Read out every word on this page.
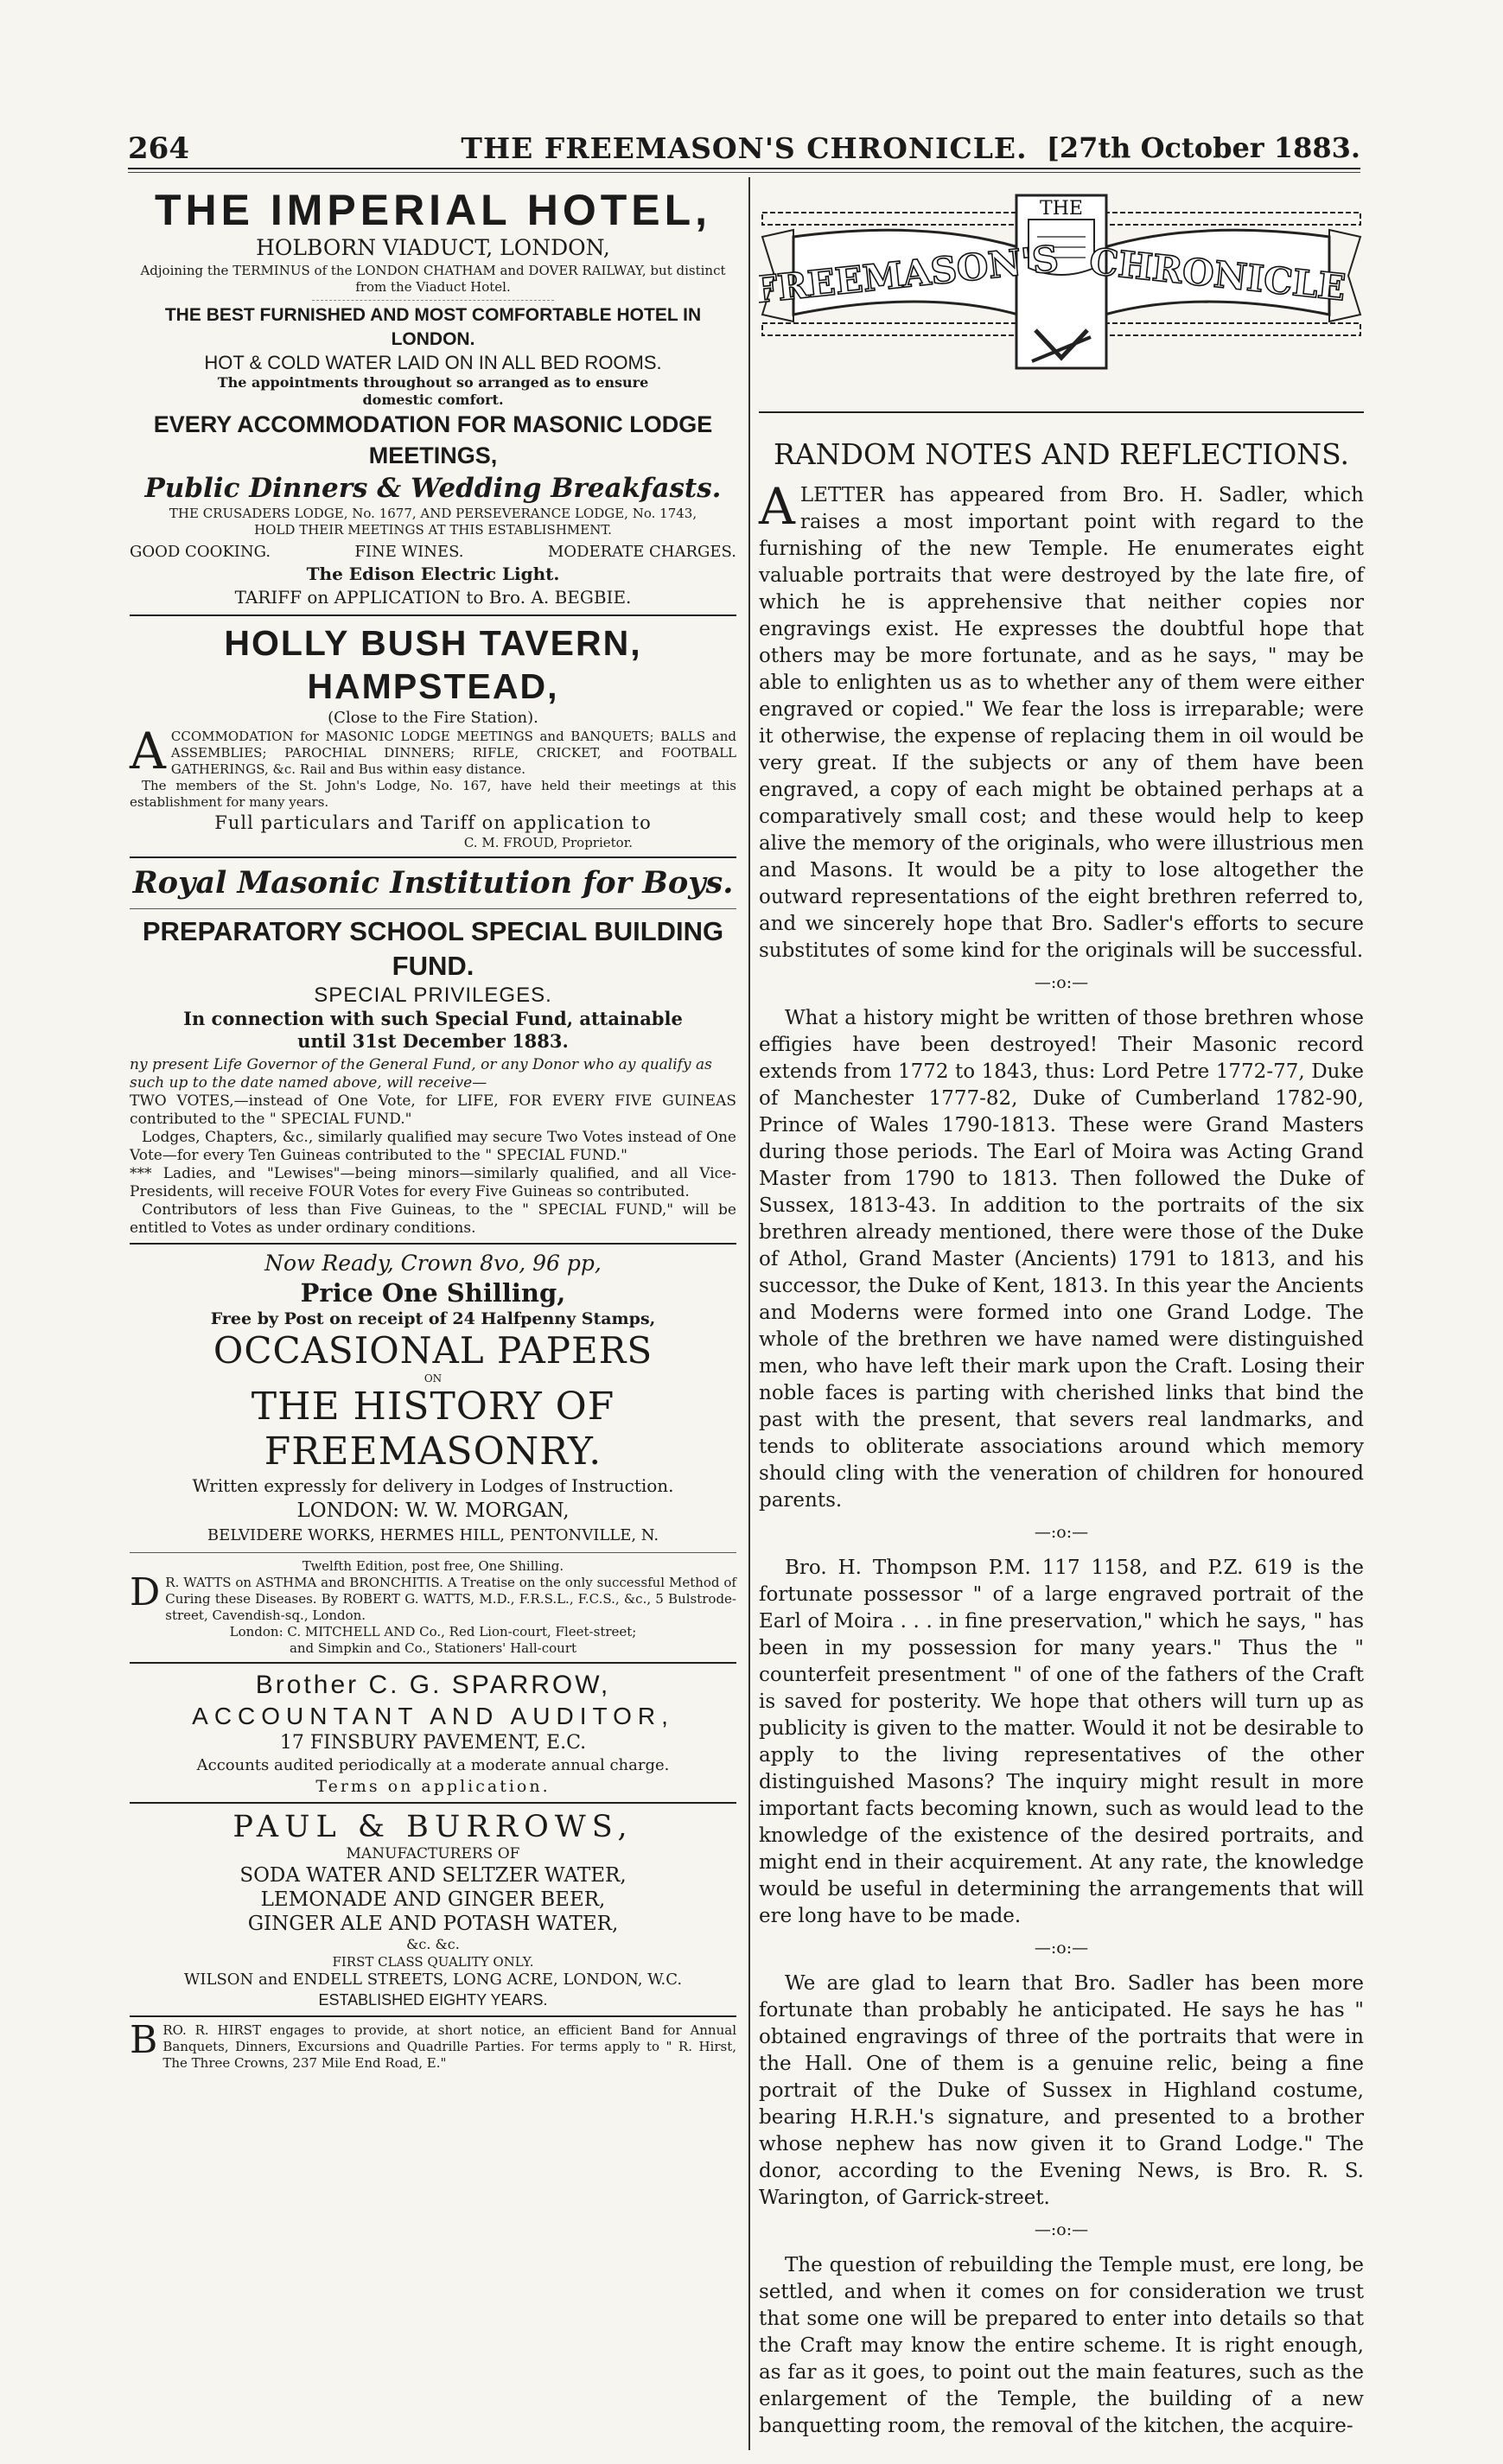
264	THE FREEMASON'S CHRONICLE. [27th October 1883.
THE IMPERIAL HOTEL,
HOLBORN VIADUCT, LONDON,
Adjoining the TERMINUS of the LONDON CHATHAM and DOVER RAILWAY, but distinct from the Viaduct Hotel.
THE BEST FURNISHED AND MOST COMFORTABLE HOTEL IN LONDON.
HOT & COLD WATER LAID ON IN ALL BED ROOMS.
The appointments throughout so arranged as to ensure domestic comfort.
EVERY ACCOMMODATION FOR MASONIC LODGE MEETINGS,
Public Dinners & Wedding Breakfasts.
THE CRUSADERS LODGE, No. 1677, AND PERSEVERANCE LODGE, No. 1743, HOLD THEIR MEETINGS AT THIS ESTABLISHMENT.
GOOD COOKING.	FINE WINES.	MODERATE CHARGES.
The Edison Electric Light.
TARIFF on APPLICATION to Bro. A. BEGBIE.
HOLLY BUSH TAVERN, HAMPSTEAD,
(Close to the Fire Station).
ACCOMMODATION for MASONIC LODGE MEETINGS and BANQUETS; BALLS and ASSEMBLIES; PAROCHIAL DINNERS; RIFLE, CRICKET, and FOOTBALL GATHERINGS, &c. Rail and Bus within easy distance.
The members of the St. John's Lodge, No. 167, have held their meetings at this establishment for many years.
Full particulars and Tariff on application to
C. M. FROUD, Proprietor.
Royal Masonic Institution for Boys.
PREPARATORY SCHOOL SPECIAL BUILDING FUND.
SPECIAL PRIVILEGES.
In connection with such Special Fund, attainable until 31st December 1883.
ny present Life Governor of the General Fund, or any Donor who ay qualify as such up to the date named above, will receive—
TWO VOTES,—instead of One Vote, for LIFE, FOR EVERY FIVE GUINEAS contributed to the " SPECIAL FUND."
Lodges, Chapters, &c., similarly qualified may secure Two Votes instead of One Vote—for every Ten Guineas contributed to the " SPECIAL FUND."
*** Ladies, and "Lewises"—being minors—similarly qualified, and all Vice-Presidents, will receive FOUR Votes for every Five Guineas so contributed.
Contributors of less than Five Guineas, to the " SPECIAL FUND," will be entitled to Votes as under ordinary conditions.
Now Ready, Crown 8vo, 96 pp,
Price One Shilling,
Free by Post on receipt of 24 Halfpenny Stamps,
OCCASIONAL PAPERS
ON
THE HISTORY OF FREEMASONRY.
Written expressly for delivery in Lodges of Instruction.
LONDON: W. W. MORGAN,
BELVIDERE WORKS, HERMES HILL, PENTONVILLE, N.
Twelfth Edition, post free, One Shilling.
D R. WATTS on ASTHMA and BRONCHITIS. A Treatise on the only successful Method of Curing these Diseases. By ROBERT G. WATTS, M.D., F.R.S.L., F.C.S., &c., 5 Bulstrode-street, Cavendish-sq., London.
London: C. MITCHELL AND Co., Red Lion-court, Fleet-street;
and Simpkin and Co., Stationers' Hall-court
Brother C. G. SPARROW,
ACCOUNTANT AND AUDITOR,
17 FINSBURY PAVEMENT, E.C.
Accounts audited periodically at a moderate annual charge.
Terms on application.
PAUL & BURROWS,
MANUFACTURERS OF
SODA WATER AND SELTZER WATER,
LEMONADE AND GINGER BEER,
GINGER ALE AND POTASH WATER,
&c. &c.
FIRST CLASS QUALITY ONLY.
WILSON and ENDELL STREETS, LONG ACRE, LONDON, W.C.
ESTABLISHED EIGHTY YEARS.
BRO. R. HIRST engages to provide, at short notice, an efficient Band for Annual Banquets, Dinners, Excursions and Quadrille Parties. For terms apply to " R. Hirst, The Three Crowns, 237 Mile End Road, E."
THE
FREEMASON'S CHRONICLE
RANDOM NOTES AND REFLECTIONS.

ALETTER has appeared from Bro. H. Sadler, which raises a most important point with regard to the furnishing of the new Temple. He enumerates eight valuable portraits that were destroyed by the late fire, of which he is apprehensive that neither copies nor engravings exist. He expresses the doubtful hope that others may be more fortunate, and as he says, " may be able to enlighten us as to whether any of them were either engraved or copied." We fear the loss is irreparable; were it otherwise, the expense of replacing them in oil would be very great. If the subjects or any of them have been engraved, a copy of each might be obtained perhaps at a comparatively small cost; and these would help to keep alive the memory of the originals, who were illustrious men and Masons. It would be a pity to lose altogether the outward representations of the eight brethren referred to, and we sincerely hope that Bro. Sadler's efforts to secure substitutes of some kind for the originals will be successful.

—:o:—

What a history might be written of those brethren whose effigies have been destroyed! Their Masonic record extends from 1772 to 1843, thus: Lord Petre 1772-77, Duke of Manchester 1777-82, Duke of Cumberland 1782-90, Prince of Wales 1790-1813. These were Grand Masters during those periods. The Earl of Moira was Acting Grand Master from 1790 to 1813. Then followed the Duke of Sussex, 1813-43. In addition to the portraits of the six brethren already mentioned, there were those of the Duke of Athol, Grand Master (Ancients) 1791 to 1813, and his successor, the Duke of Kent, 1813. In this year the Ancients and Moderns were formed into one Grand Lodge. The whole of the brethren we have named were distinguished men, who have left their mark upon the Craft. Losing their noble faces is parting with cherished links that bind the past with the present, that severs real landmarks, and tends to obliterate associations around which memory should cling with the veneration of children for honoured parents.

—:o:—

Bro. H. Thompson P.M. 117 1158, and P.Z. 619 is the fortunate possessor " of a large engraved portrait of the Earl of Moira . . . in fine preservation," which he says, " has been in my possession for many years." Thus the " counterfeit presentment " of one of the fathers of the Craft is saved for posterity. We hope that others will turn up as publicity is given to the matter. Would it not be desirable to apply to the living representatives of the other distinguished Masons? The inquiry might result in more important facts becoming known, such as would lead to the knowledge of the existence of the desired portraits, and might end in their acquirement. At any rate, the knowledge would be useful in determining the arrangements that will ere long have to be made.

—:o:—

We are glad to learn that Bro. Sadler has been more fortunate than probably he anticipated. He says he has " obtained engravings of three of the portraits that were in the Hall. One of them is a genuine relic, being a fine portrait of the Duke of Sussex in Highland costume, bearing H.R.H.'s signature, and presented to a brother whose nephew has now given it to Grand Lodge." The donor, according to the Evening News, is Bro. R. S. Warington, of Garrick-street.

—:o:—

The question of rebuilding the Temple must, ere long, be settled, and when it comes on for consideration we trust that some one will be prepared to enter into details so that the Craft may know the entire scheme. It is right enough, as far as it goes, to point out the main features, such as the enlargement of the Temple, the building of a new banquetting room, the removal of the kitchen, the acquire-
